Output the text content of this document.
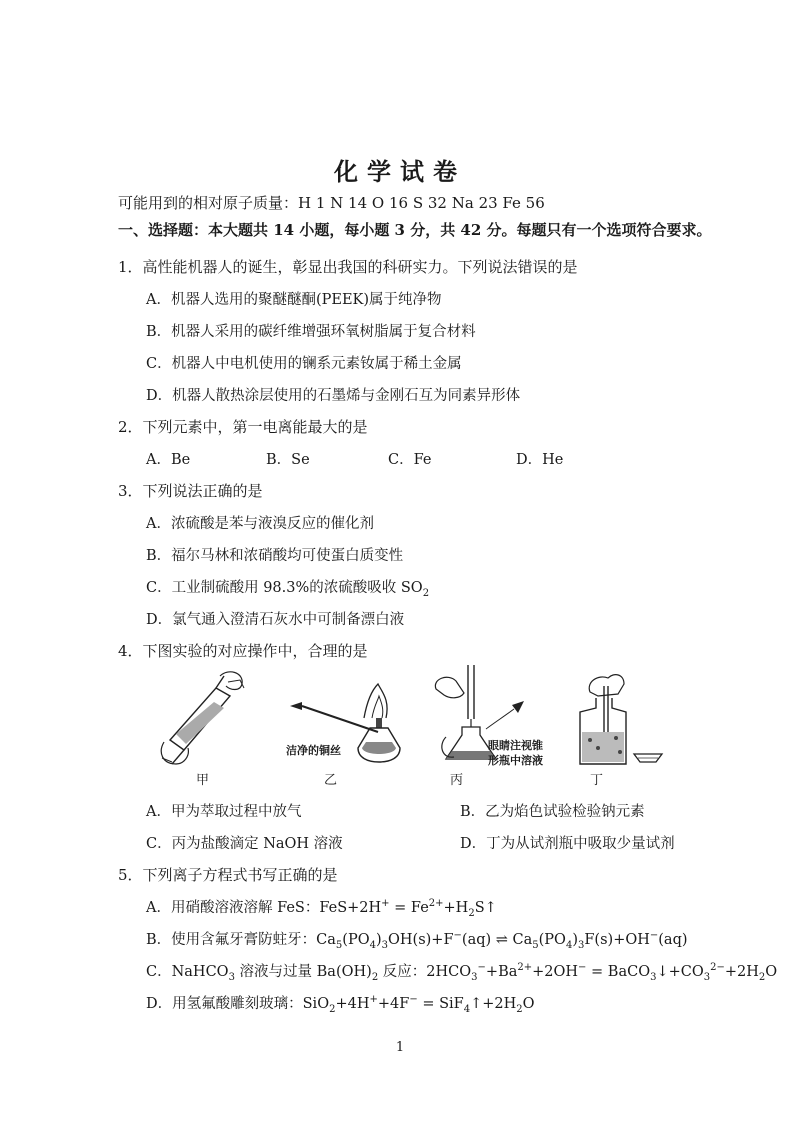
化学试卷
可能用到的相对原子质量：H 1 N 14 O 16 S 32 Na 23 Fe 56
一、选择题：本大题共 14 小题，每小题 3 分，共 42 分。每题只有一个选项符合要求。
1．高性能机器人的诞生，彰显出我国的科研实力。下列说法错误的是
A．机器人选用的聚醚醚酮(PEEK)属于纯净物
B．机器人采用的碳纤维增强环氧树脂属于复合材料
C．机器人中电机使用的镧系元素钕属于稀土金属
D．机器人散热涂层使用的石墨烯与金刚石互为同素异形体
2．下列元素中，第一电离能最大的是
A．Be	B．Se	C．Fe	D．He
3．下列说法正确的是
A．浓硫酸是苯与液溴反应的催化剂
B．福尔马林和浓硝酸均可使蛋白质变性
C．工业制硫酸用 98.3%的浓硫酸吸收 $SO_2$
D．氯气通入澄清石灰水中可制备漂白液
4．下图实验的对应操作中，合理的是
甲
洁净的铜丝
乙
眼睛注视锥
形瓶中溶液
丙	丁
A．甲为萃取过程中放气	B．乙为焰色试验检验钠元素
C．丙为盐酸滴定 NaOH 溶液	D．丁为从试剂瓶中吸取少量试剂
5．下列离子方程式书写正确的是
A．用硝酸溶液溶解 FeS：$FeS+2H^+ = Fe^{2+}+H_2S↑$
B．使用含氟牙膏防蛀牙：$Ca_5(PO_4)_3OH(s)+F^-(aq)$ ⇌ $Ca_5(PO_4)_3F(s)+OH^-(aq)$
C．NaHCO$_3$ 溶液与过量 $Ba(OH)_2$ 反应：$2HCO_3^-+Ba^{2+}+2OH^-$ = $BaCO_3↓+CO_3^{2-}+2H_2O$
D．用氢氟酸雕刻玻璃：$SiO_2+4H^++4F^- = SiF_4↑+2H_2O$
1
